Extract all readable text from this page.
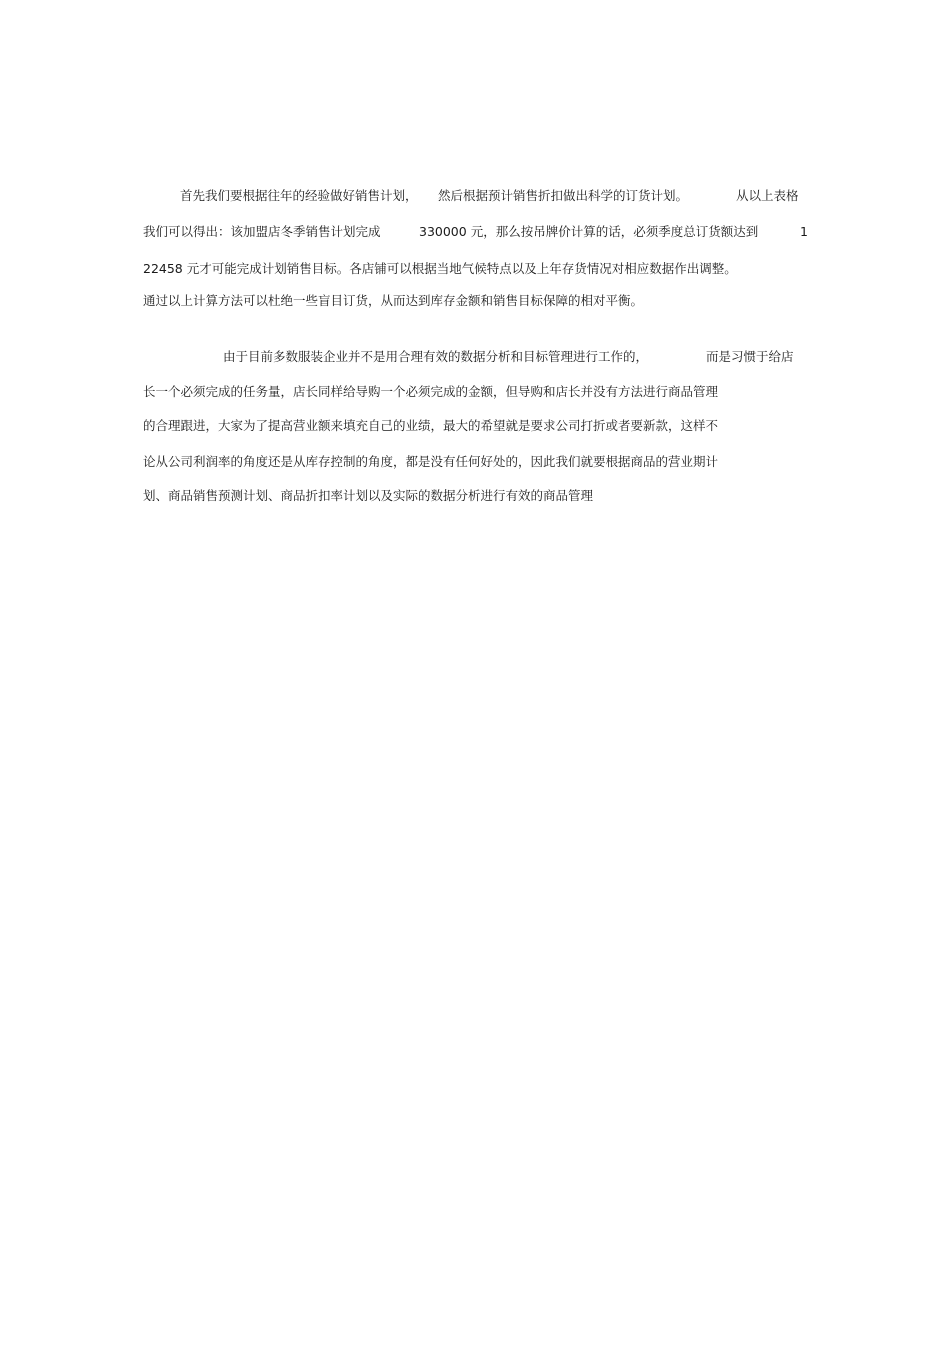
首先我们要根据往年的经验做好销售计划， 然后根据预计销售折扣做出科学的订货计划。	从以上表格
我们可以得出：该加盟店冬季销售计划完成	330000 元，那么按吊牌价计算的话，必须季度总订货额达到	1
22458 元才可能完成计划销售目标。各店铺可以根据当地气候特点以及上年存货情况对相应数据作出调整。
通过以上计算方法可以杜绝一些盲目订货，从而达到库存金额和销售目标保障的相对平衡。
由于目前多数服装企业并不是用合理有效的数据分析和目标管理进行工作的，	而是习惯于给店
长一个必须完成的任务量，店长同样给导购一个必须完成的金额，但导购和店长并没有方法进行商品管理
的合理跟进，大家为了提高营业额来填充自己的业绩，最大的希望就是要求公司打折或者要新款，这样不
论从公司利润率的角度还是从库存控制的角度，都是没有任何好处的，因此我们就要根据商品的营业期计
划、商品销售预测计划、商品折扣率计划以及实际的数据分析进行有效的商品管理
